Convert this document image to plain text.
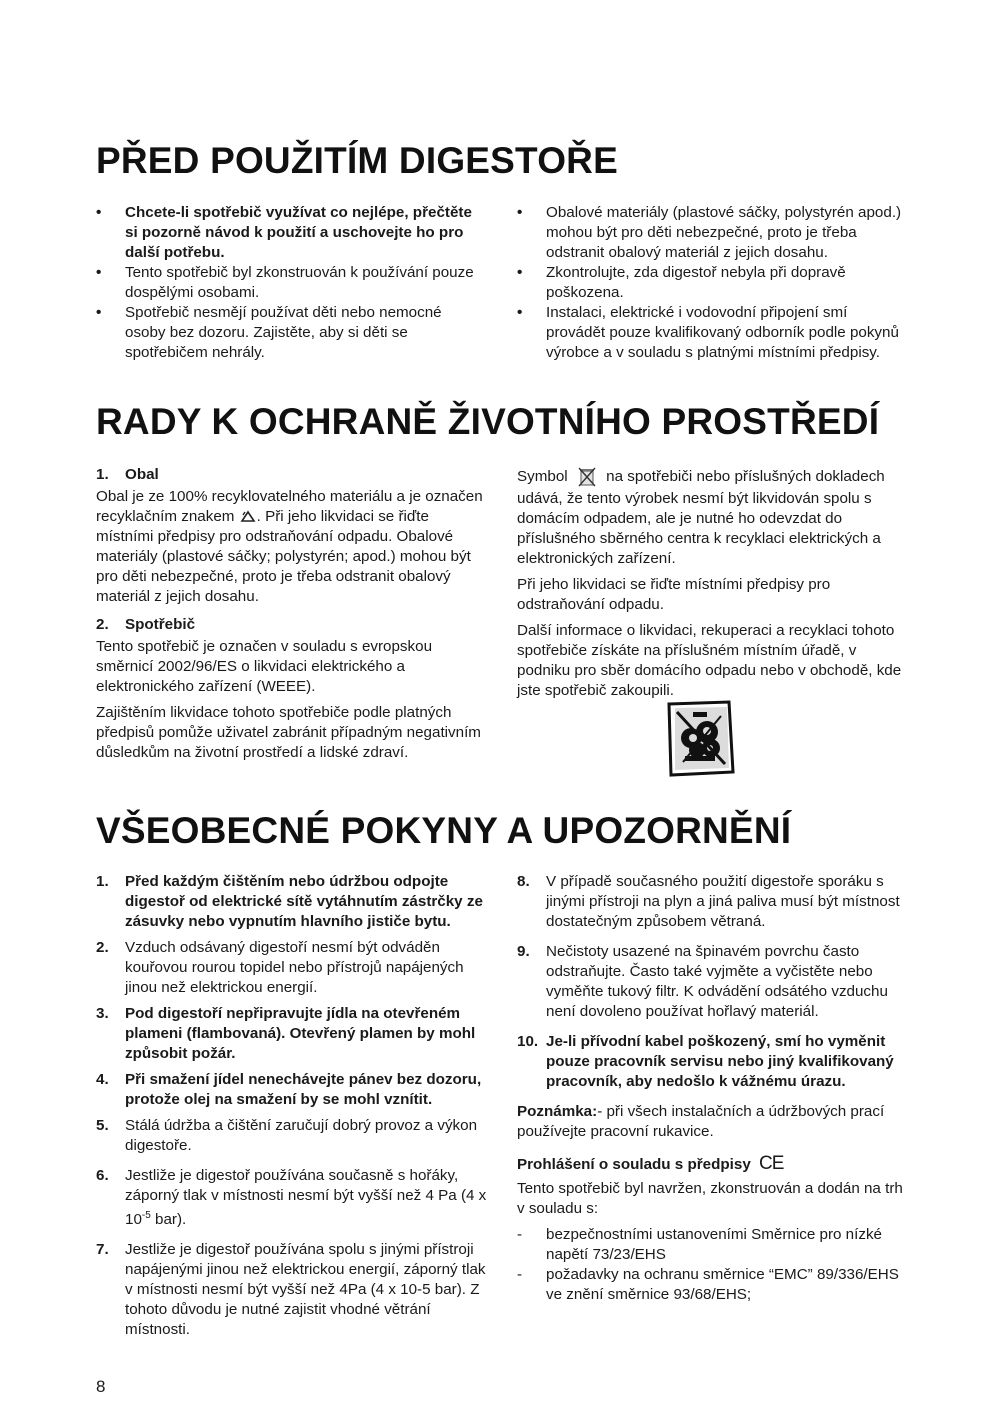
PŘED POUŽITÍM DIGESTOŘE
• Chcete-li spotřebič využívat co nejlépe, přečtěte si pozorně návod k použití a uschovejte ho pro další potřebu.
• Tento spotřebič byl zkonstruován k používání pouze dospělými osobami.
• Spotřebič nesmějí používat děti nebo nemocné osoby bez dozoru. Zajistěte, aby si děti se spotřebičem nehrály.
• Obalové materiály (plastové sáčky, polystyrén apod.) mohou být pro děti nebezpečné, proto je třeba odstranit obalový materiál z jejich dosahu.
• Zkontrolujte, zda digestoř nebyla při dopravě poškozena.
• Instalaci, elektrické i vodovodní připojení smí provádět pouze kvalifikovaný odborník podle pokynů výrobce a v souladu s platnými místními předpisy.
RADY K OCHRANĚ ŽIVOTNÍHO PROSTŘEDÍ
1. Obal

Obal je ze 100% recyklovatelného materiálu a je označen recyklačním znakem . Při jeho likvidaci se řiďte místními předpisy pro odstraňování odpadu. Obalové materiály (plastové sáčky; polystyrén; apod.) mohou být pro děti nebezpečné, proto je třeba odstranit obalový materiál z jejich dosahu.

2. Spotřebič

Tento spotřebič je označen v souladu s evropskou směrnicí 2002/96/ES o likvidaci elektrického a elektronického zařízení (WEEE).

Zajištěním likvidace tohoto spotřebiče podle platných předpisů pomůže uživatel zabránit případným negativním důsledkům na životní prostředí a lidské zdraví.

Symbol	na spotřebiči nebo příslušných dokladech udává, že tento výrobek nesmí být likvidován spolu s domácím odpadem, ale je nutné ho odevzdat do příslušného sběrného centra k recyklaci elektrických a elektronických zařízení.

Při jeho likvidaci se řiďte místními předpisy pro odstraňování odpadu.

Další informace o likvidaci, rekuperaci a recyklaci tohoto spotřebiče získáte na příslušném místním úřadě, v podniku pro sběr domácího odpadu nebo v obchodě, kde jste spotřebič zakoupili.

VŠEOBECNÉ POKYNY A UPOZORNĚNÍ
1. Před každým čištěním nebo údržbou odpojte digestoř od elektrické sítě vytáhnutím zástrčky ze zásuvky nebo vypnutím hlavního jističe bytu.
2. Vzduch odsávaný digestoří nesmí být odváděn kouřovou rourou topidel nebo přístrojů napájených jinou než elektrickou energií.
3. Pod digestoří nepřipravujte jídla na otevřeném plameni (flambovaná). Otevřený plamen by mohl způsobit požár.
4. Při smažení jídel nenechávejte pánev bez dozoru, protože olej na smažení by se mohl vznítit.
5. Stálá údržba a čištění zaručují dobrý provoz a výkon digestoře.
6. Jestliže je digestoř používána současně s hořáky, záporný tlak v místnosti nesmí být vyšší než 4 Pa (4 x $10^{-5}$ bar).
7. Jestliže je digestoř používána spolu s jinými přístroji napájenými jinou než elektrickou energií, záporný tlak v místnosti nesmí být vyšší než 4Pa (4 x 10-5 bar). Z tohoto důvodu je nutné zajistit vhodné větrání místnosti.
8. V případě současného použití digestoře sporáku s jinými přístroji na plyn a jiná paliva musí být místnost dostatečným způsobem větraná.
9. Nečistoty usazené na špinavém povrchu často odstraňujte. Často také vyjměte a vyčistěte nebo vyměňte tukový filtr. K odvádění odsátého vzduchu není dovoleno používat hořlavý materiál.
10. Je-li přívodní kabel poškozený, smí ho vyměnit pouze pracovník servisu nebo jiný kvalifikovaný pracovník, aby nedošlo k vážnému úrazu.

Poznámka:- při všech instalačních a údržbových prací používejte pracovní rukavice.

Prohlášení o souladu s předpisy CE

Tento spotřebič byl navržen, zkonstruován a dodán na trh v souladu s:

- bezpečnostními ustanoveními Směrnice pro nízké napětí 73/23/EHS
- požadavky na ochranu směrnice “EMC” 89/336/EHS ve znění směrnice 93/68/EHS;
8
